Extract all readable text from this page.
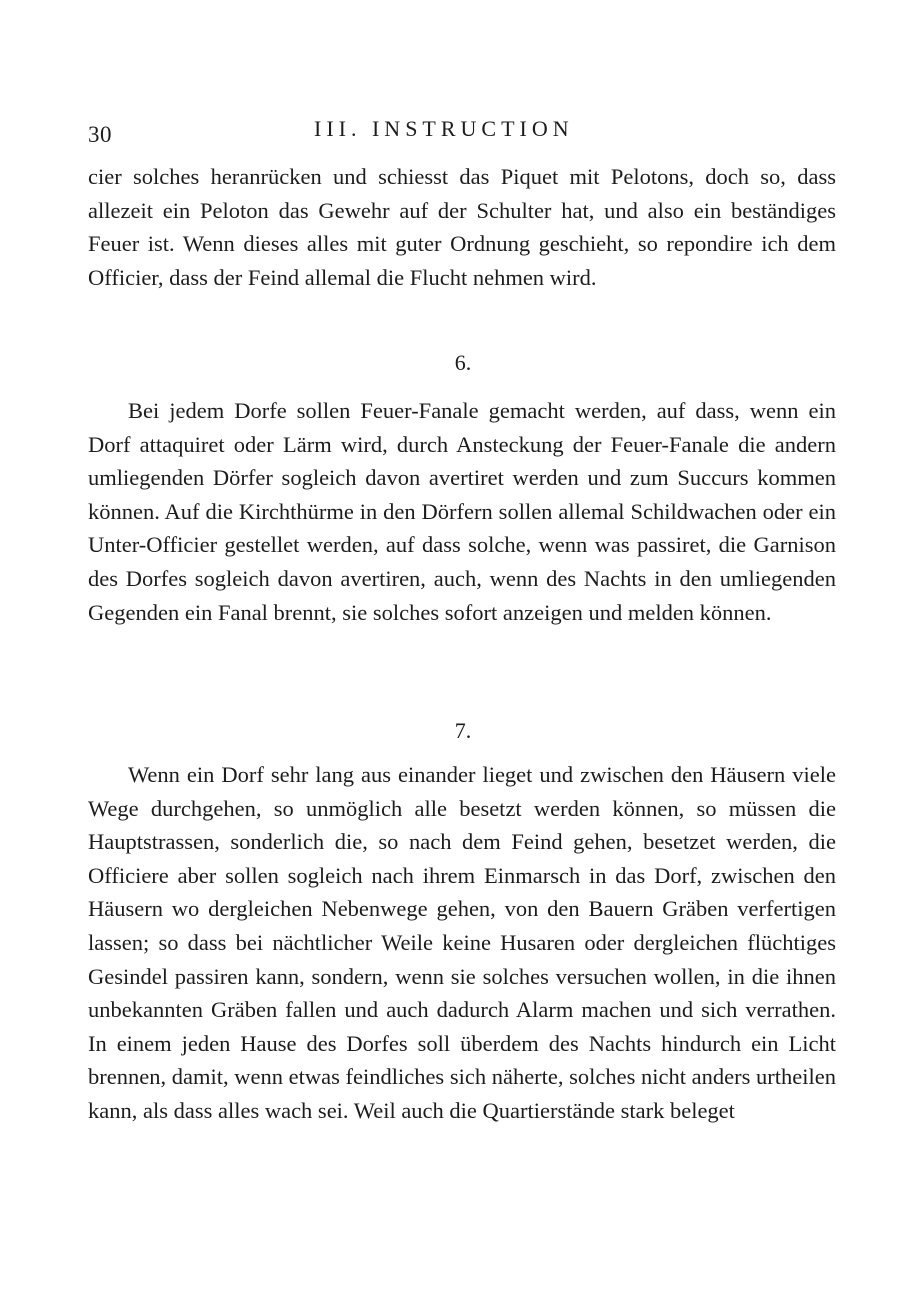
30	III. INSTRUCTION

cier solches heranrücken und schiesst das Piquet mit Pelotons, doch so, dass allezeit ein Peloton das Gewehr auf der Schulter hat, und also ein beständiges Feuer ist. Wenn dieses alles mit guter Ordnung geschieht, so repondire ich dem Officier, dass der Feind allemal die Flucht nehmen wird.

6.

Bei jedem Dorfe sollen Feuer-Fanale gemacht werden, auf dass, wenn ein Dorf attaquiret oder Lärm wird, durch Ansteckung der Feuer-Fanale die andern umliegenden Dörfer sogleich davon avertiret werden und zum Succurs kommen können. Auf die Kirchthürme in den Dörfern sollen allemal Schildwachen oder ein Unter-Officier gestellet werden, auf dass solche, wenn was passiret, die Garnison des Dorfes sogleich davon avertiren, auch, wenn des Nachts in den umliegenden Gegenden ein Fanal brennt, sie solches sofort anzeigen und melden können.

7.

Wenn ein Dorf sehr lang aus einander lieget und zwischen den Häusern viele Wege durchgehen, so unmöglich alle besetzt werden können, so müssen die Hauptstrassen, sonderlich die, so nach dem Feind gehen, besetzet werden, die Officiere aber sollen sogleich nach ihrem Einmarsch in das Dorf, zwischen den Häusern wo dergleichen Nebenwege gehen, von den Bauern Gräben verfertigen lassen; so dass bei nächtlicher Weile keine Husaren oder dergleichen flüchtiges Gesindel passiren kann, sondern, wenn sie solches versuchen wollen, in die ihnen unbekannten Gräben fallen und auch dadurch Alarm machen und sich verrathen. In einem jeden Hause des Dorfes soll überdem des Nachts hindurch ein Licht brennen, damit, wenn etwas feindliches sich näherte, solches nicht anders urtheilen kann, als dass alles wach sei. Weil auch die Quartierstände stark beleget
